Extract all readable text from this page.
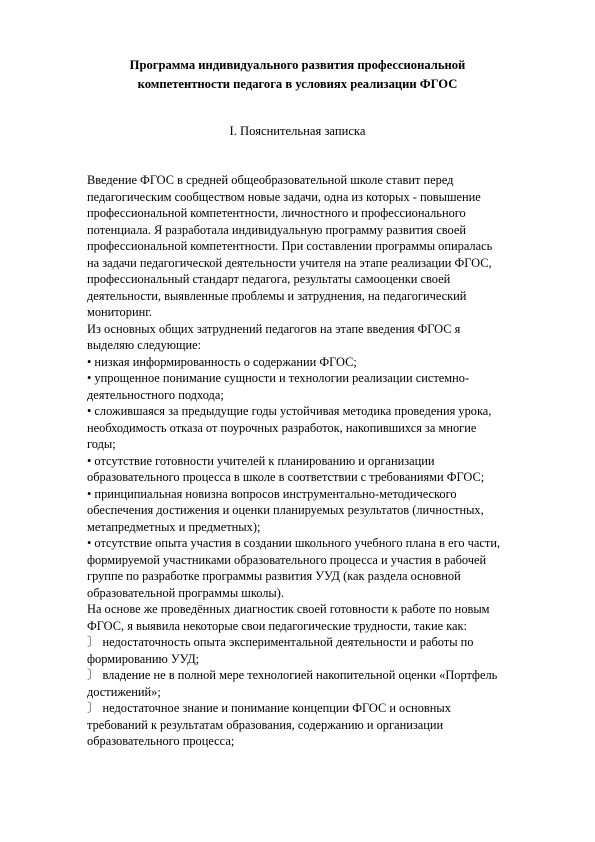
Программа индивидуального развития профессиональной
компетентности педагога в условиях реализации ФГОС
I. Пояснительная записка
Введение ФГОС в средней общеобразовательной школе ставит перед
педагогическим сообществом новые задачи, одна из которых - повышение
профессиональной компетентности, личностного и профессионального
потенциала. Я разработала индивидуальную программу развития своей
профессиональной компетентности. При составлении программы опиралась
на задачи педагогической деятельности учителя на этапе реализации ФГОС,
профессиональный стандарт педагога, результаты самооценки своей
деятельности, выявленные проблемы и затруднения, на педагогический
мониторинг.
Из основных общих затруднений педагогов на этапе введения ФГОС я
выделяю следующие:
• низкая информированность о содержании ФГОС;
• упрощенное понимание сущности и технологии реализации системно-
деятельностного подхода;
• сложившаяся за предыдущие годы устойчивая методика проведения урока,
необходимость отказа от поурочных разработок, накопившихся за многие
годы;
• отсутствие готовности учителей к планированию и организации
образовательного процесса в школе в соответствии с требованиями ФГОС;
• принципиальная новизна вопросов инструментально-методического
обеспечения достижения и оценки планируемых результатов (личностных,
метапредметных и предметных);
• отсутствие опыта участия в создании школьного учебного плана в его части,
формируемой участниками образовательного процесса и участия в рабочей
группе по разработке программы развития УУД (как раздела основной
образовательной программы школы).
На основе же проведённых диагностик своей готовности к работе по новым
ФГОС, я выявила некоторые свои педагогические трудности, такие как:
〕 недостаточность опыта экспериментальной деятельности и работы по
формированию УУД;
〕 владение не в полной мере технологией накопительной оценки «Портфель
достижений»;
〕 недостаточное знание и понимание концепции ФГОС и основных
требований к результатам образования, содержанию и организации
образовательного процесса;
